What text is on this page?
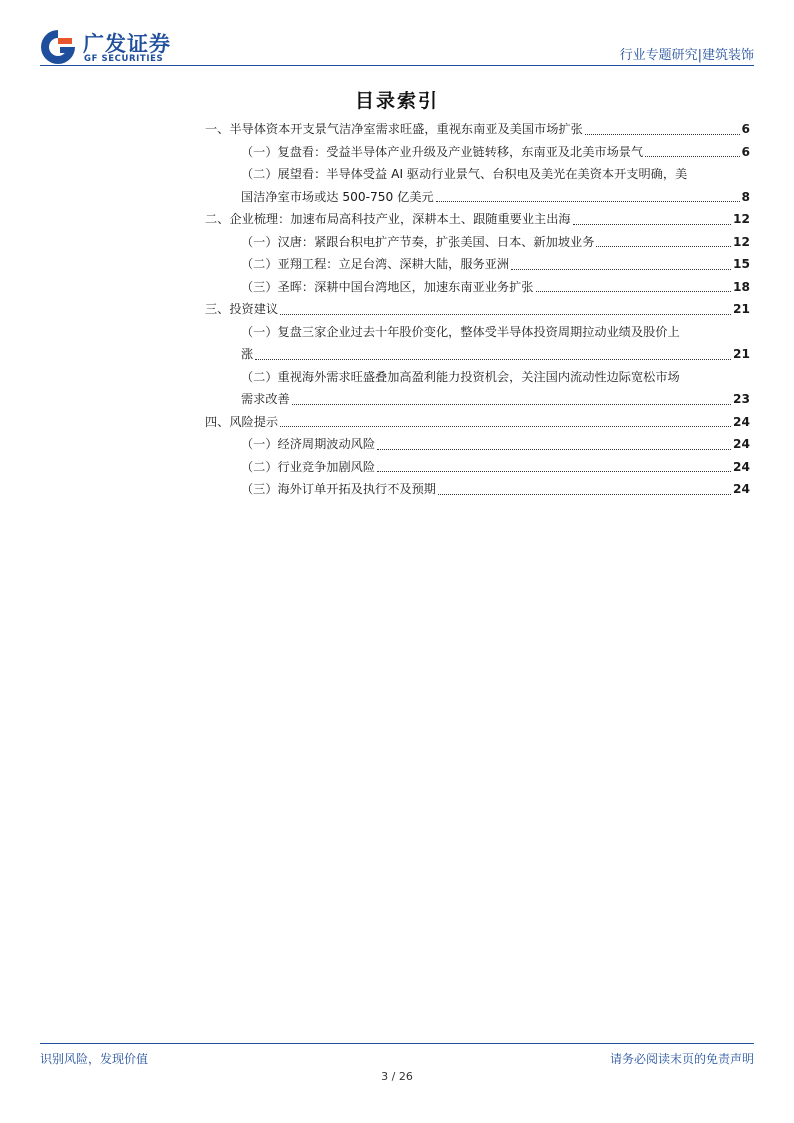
广发证券
GF SECURITIES	行业专题研究|建筑装饰
目录索引
一、半导体资本开支景气洁净室需求旺盛，重视东南亚及美国市场扩张	6
（一）复盘看：受益半导体产业升级及产业链转移，东南亚及北美市场景气	6
（二）展望看：半导体受益 AI 驱动行业景气、台积电及美光在美资本开支明确，美
国洁净室市场或达 500-750 亿美元	8
二、企业梳理：加速布局高科技产业，深耕本土、跟随重要业主出海	12
（一）汉唐：紧跟台积电扩产节奏，扩张美国、日本、新加坡业务	12
（二）亚翔工程：立足台湾、深耕大陆，服务亚洲	15
（三）圣晖：深耕中国台湾地区，加速东南亚业务扩张	18
三、投资建议	21
（一）复盘三家企业过去十年股价变化，整体受半导体投资周期拉动业绩及股价上
涨	21
（二）重视海外需求旺盛叠加高盈利能力投资机会，关注国内流动性边际宽松市场
需求改善	23
四、风险提示	24
（一）经济周期波动风险	24
（二）行业竞争加剧风险	24
（三）海外订单开拓及执行不及预期	24
识别风险，发现价值	请务必阅读末页的免责声明
3 / 26
